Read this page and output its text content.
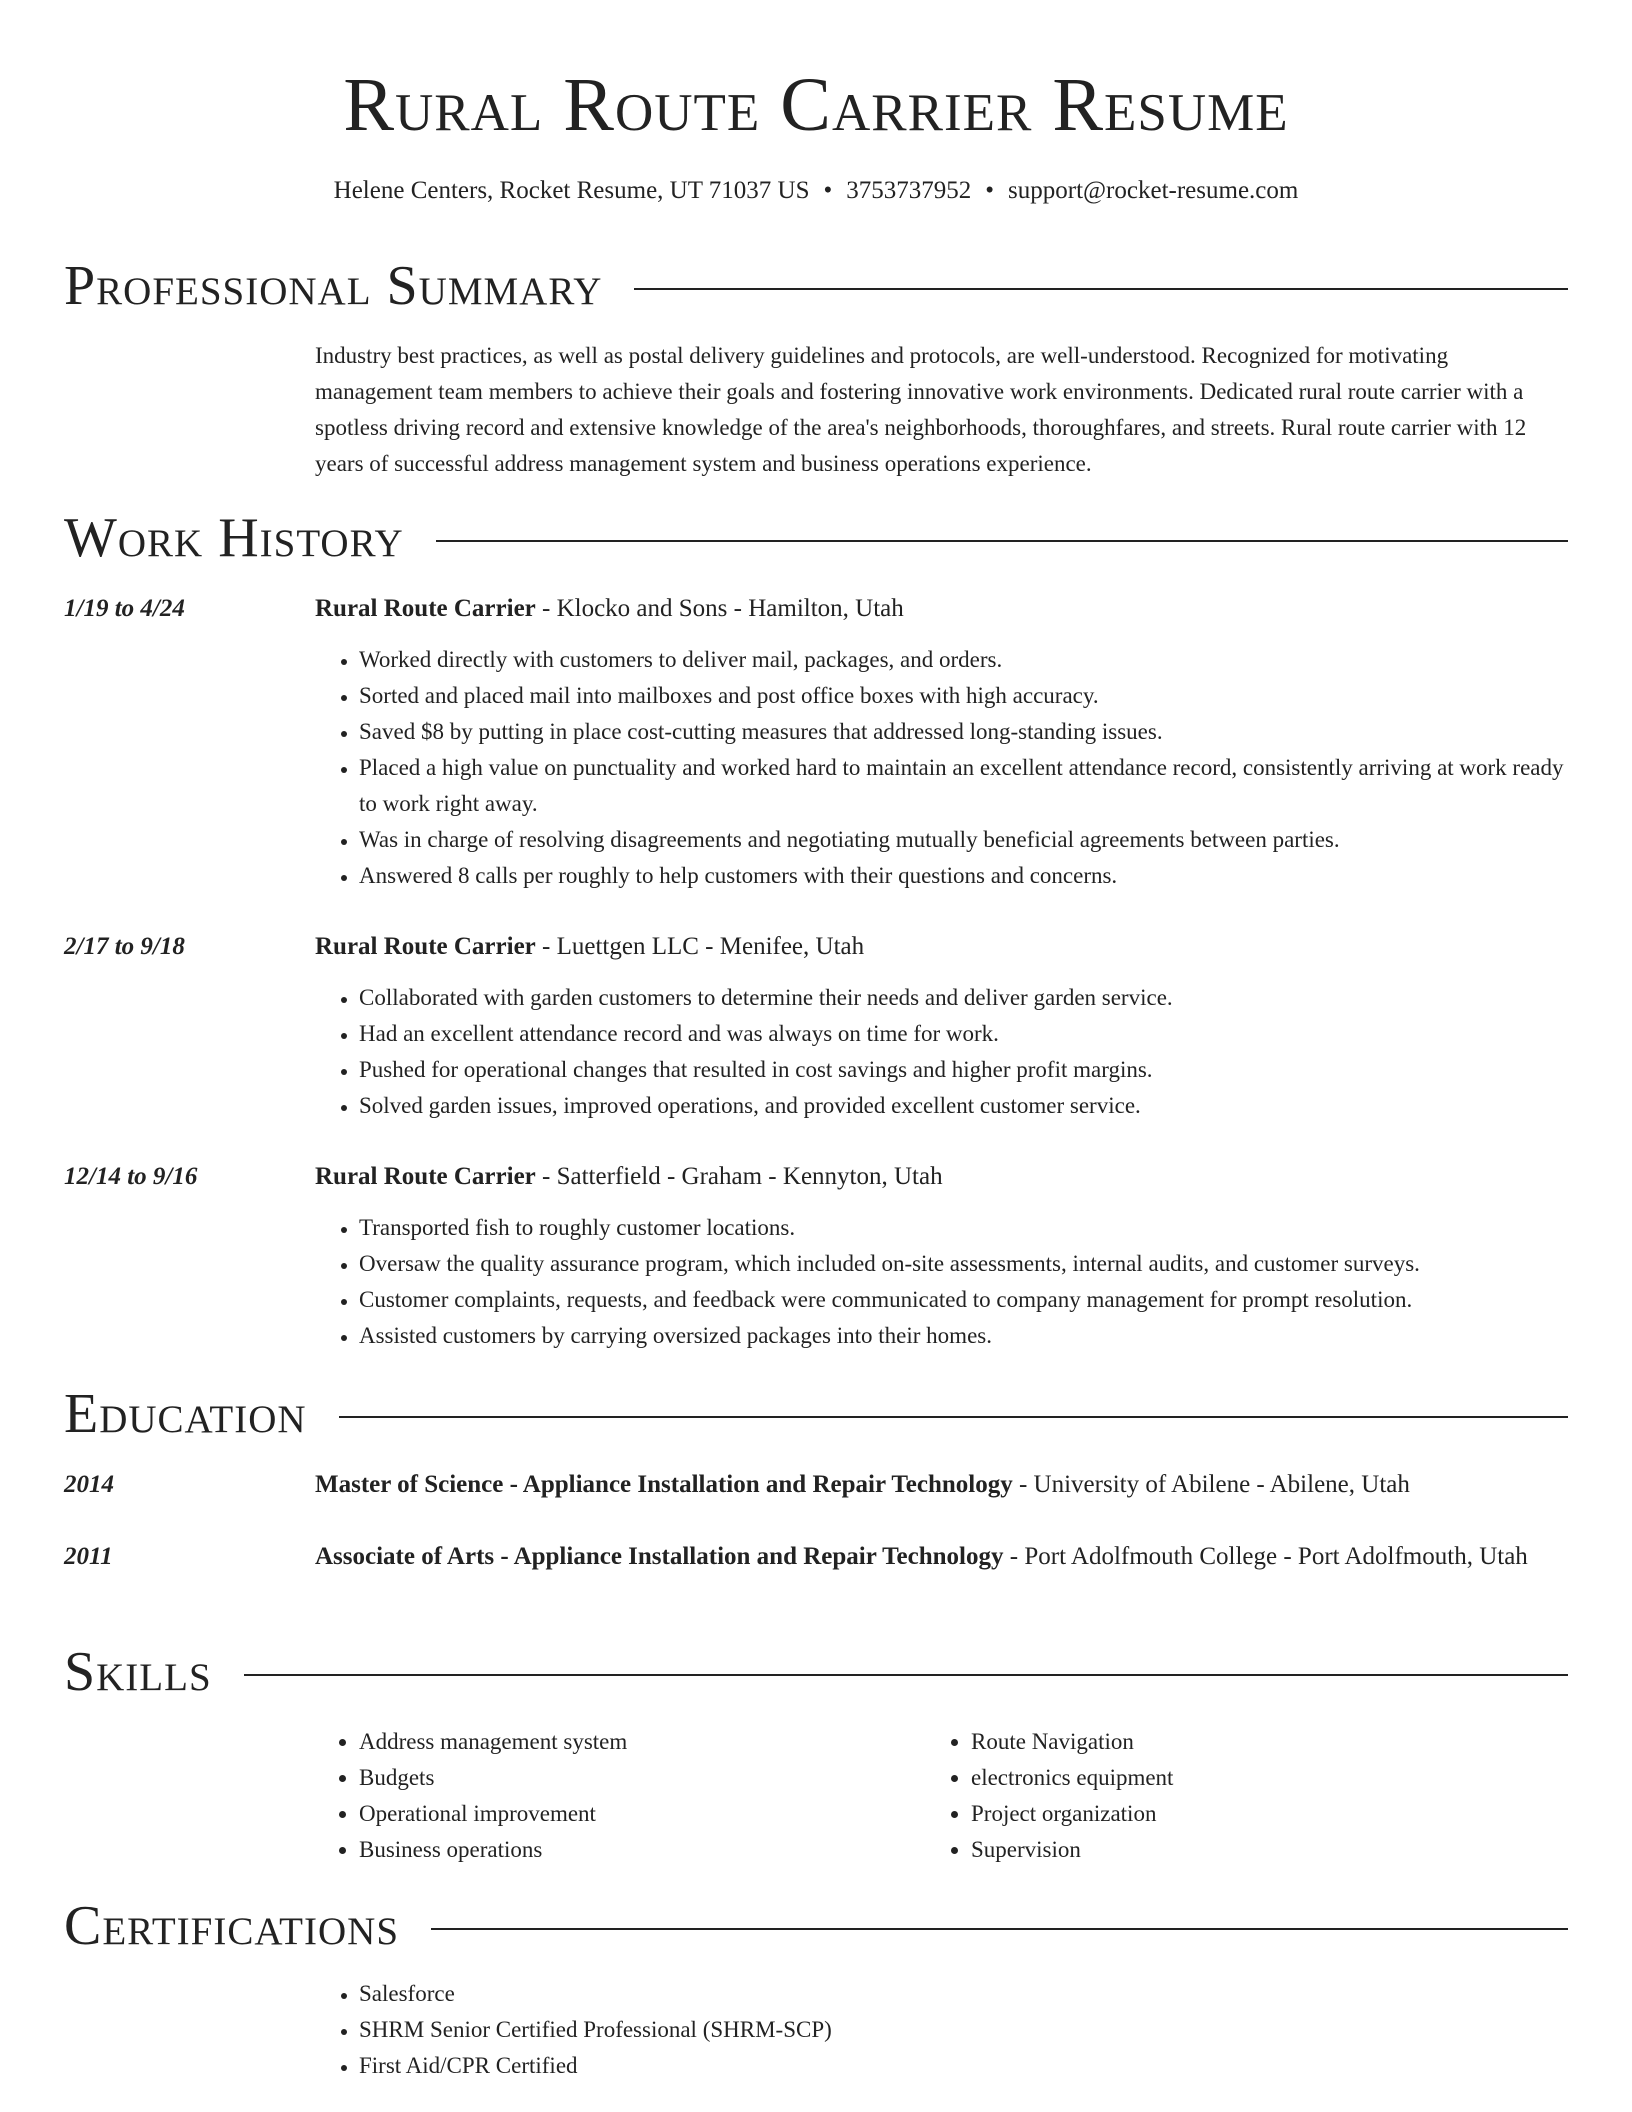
Rural Route Carrier Resume
Helene Centers, Rocket Resume, UT 71037 US • 3753737952 • support@rocket-resume.com
Professional Summary

Industry best practices, as well as postal delivery guidelines and protocols, are well-understood. Recognized for motivating management team members to achieve their goals and fostering innovative work environments. Dedicated rural route carrier with a spotless driving record and extensive knowledge of the area's neighborhoods, thoroughfares, and streets. Rural route carrier with 12 years of successful address management system and business operations experience.

Work History
1/19 to 4/24	Rural Route Carrier - Klocko and Sons - Hamilton, Utah
• Worked directly with customers to deliver mail, packages, and orders.
• Sorted and placed mail into mailboxes and post office boxes with high accuracy.
• Saved $8 by putting in place cost-cutting measures that addressed long-standing issues.
• Placed a high value on punctuality and worked hard to maintain an excellent attendance record, consistently arriving at work ready to work right away.
• Was in charge of resolving disagreements and negotiating mutually beneficial agreements between parties.
• Answered 8 calls per roughly to help customers with their questions and concerns.
2/17 to 9/18	Rural Route Carrier - Luettgen LLC - Menifee, Utah
• Collaborated with garden customers to determine their needs and deliver garden service.
• Had an excellent attendance record and was always on time for work.
• Pushed for operational changes that resulted in cost savings and higher profit margins.
• Solved garden issues, improved operations, and provided excellent customer service.
12/14 to 9/16	Rural Route Carrier - Satterfield - Graham - Kennyton, Utah
• Transported fish to roughly customer locations.
• Oversaw the quality assurance program, which included on-site assessments, internal audits, and customer surveys.
• Customer complaints, requests, and feedback were communicated to company management for prompt resolution.
• Assisted customers by carrying oversized packages into their homes.
Education
2014	Master of Science - Appliance Installation and Repair Technology - University of Abilene - Abilene, Utah
2011	Associate of Arts - Appliance Installation and Repair Technology - Port Adolfmouth College - Port Adolfmouth, Utah
Skills
• Address management system
• Budgets
• Operational improvement
• Business operations
• Route Navigation
• electronics equipment
• Project organization
• Supervision
Certifications
• Salesforce
• SHRM Senior Certified Professional (SHRM-SCP)
• First Aid/CPR Certified
